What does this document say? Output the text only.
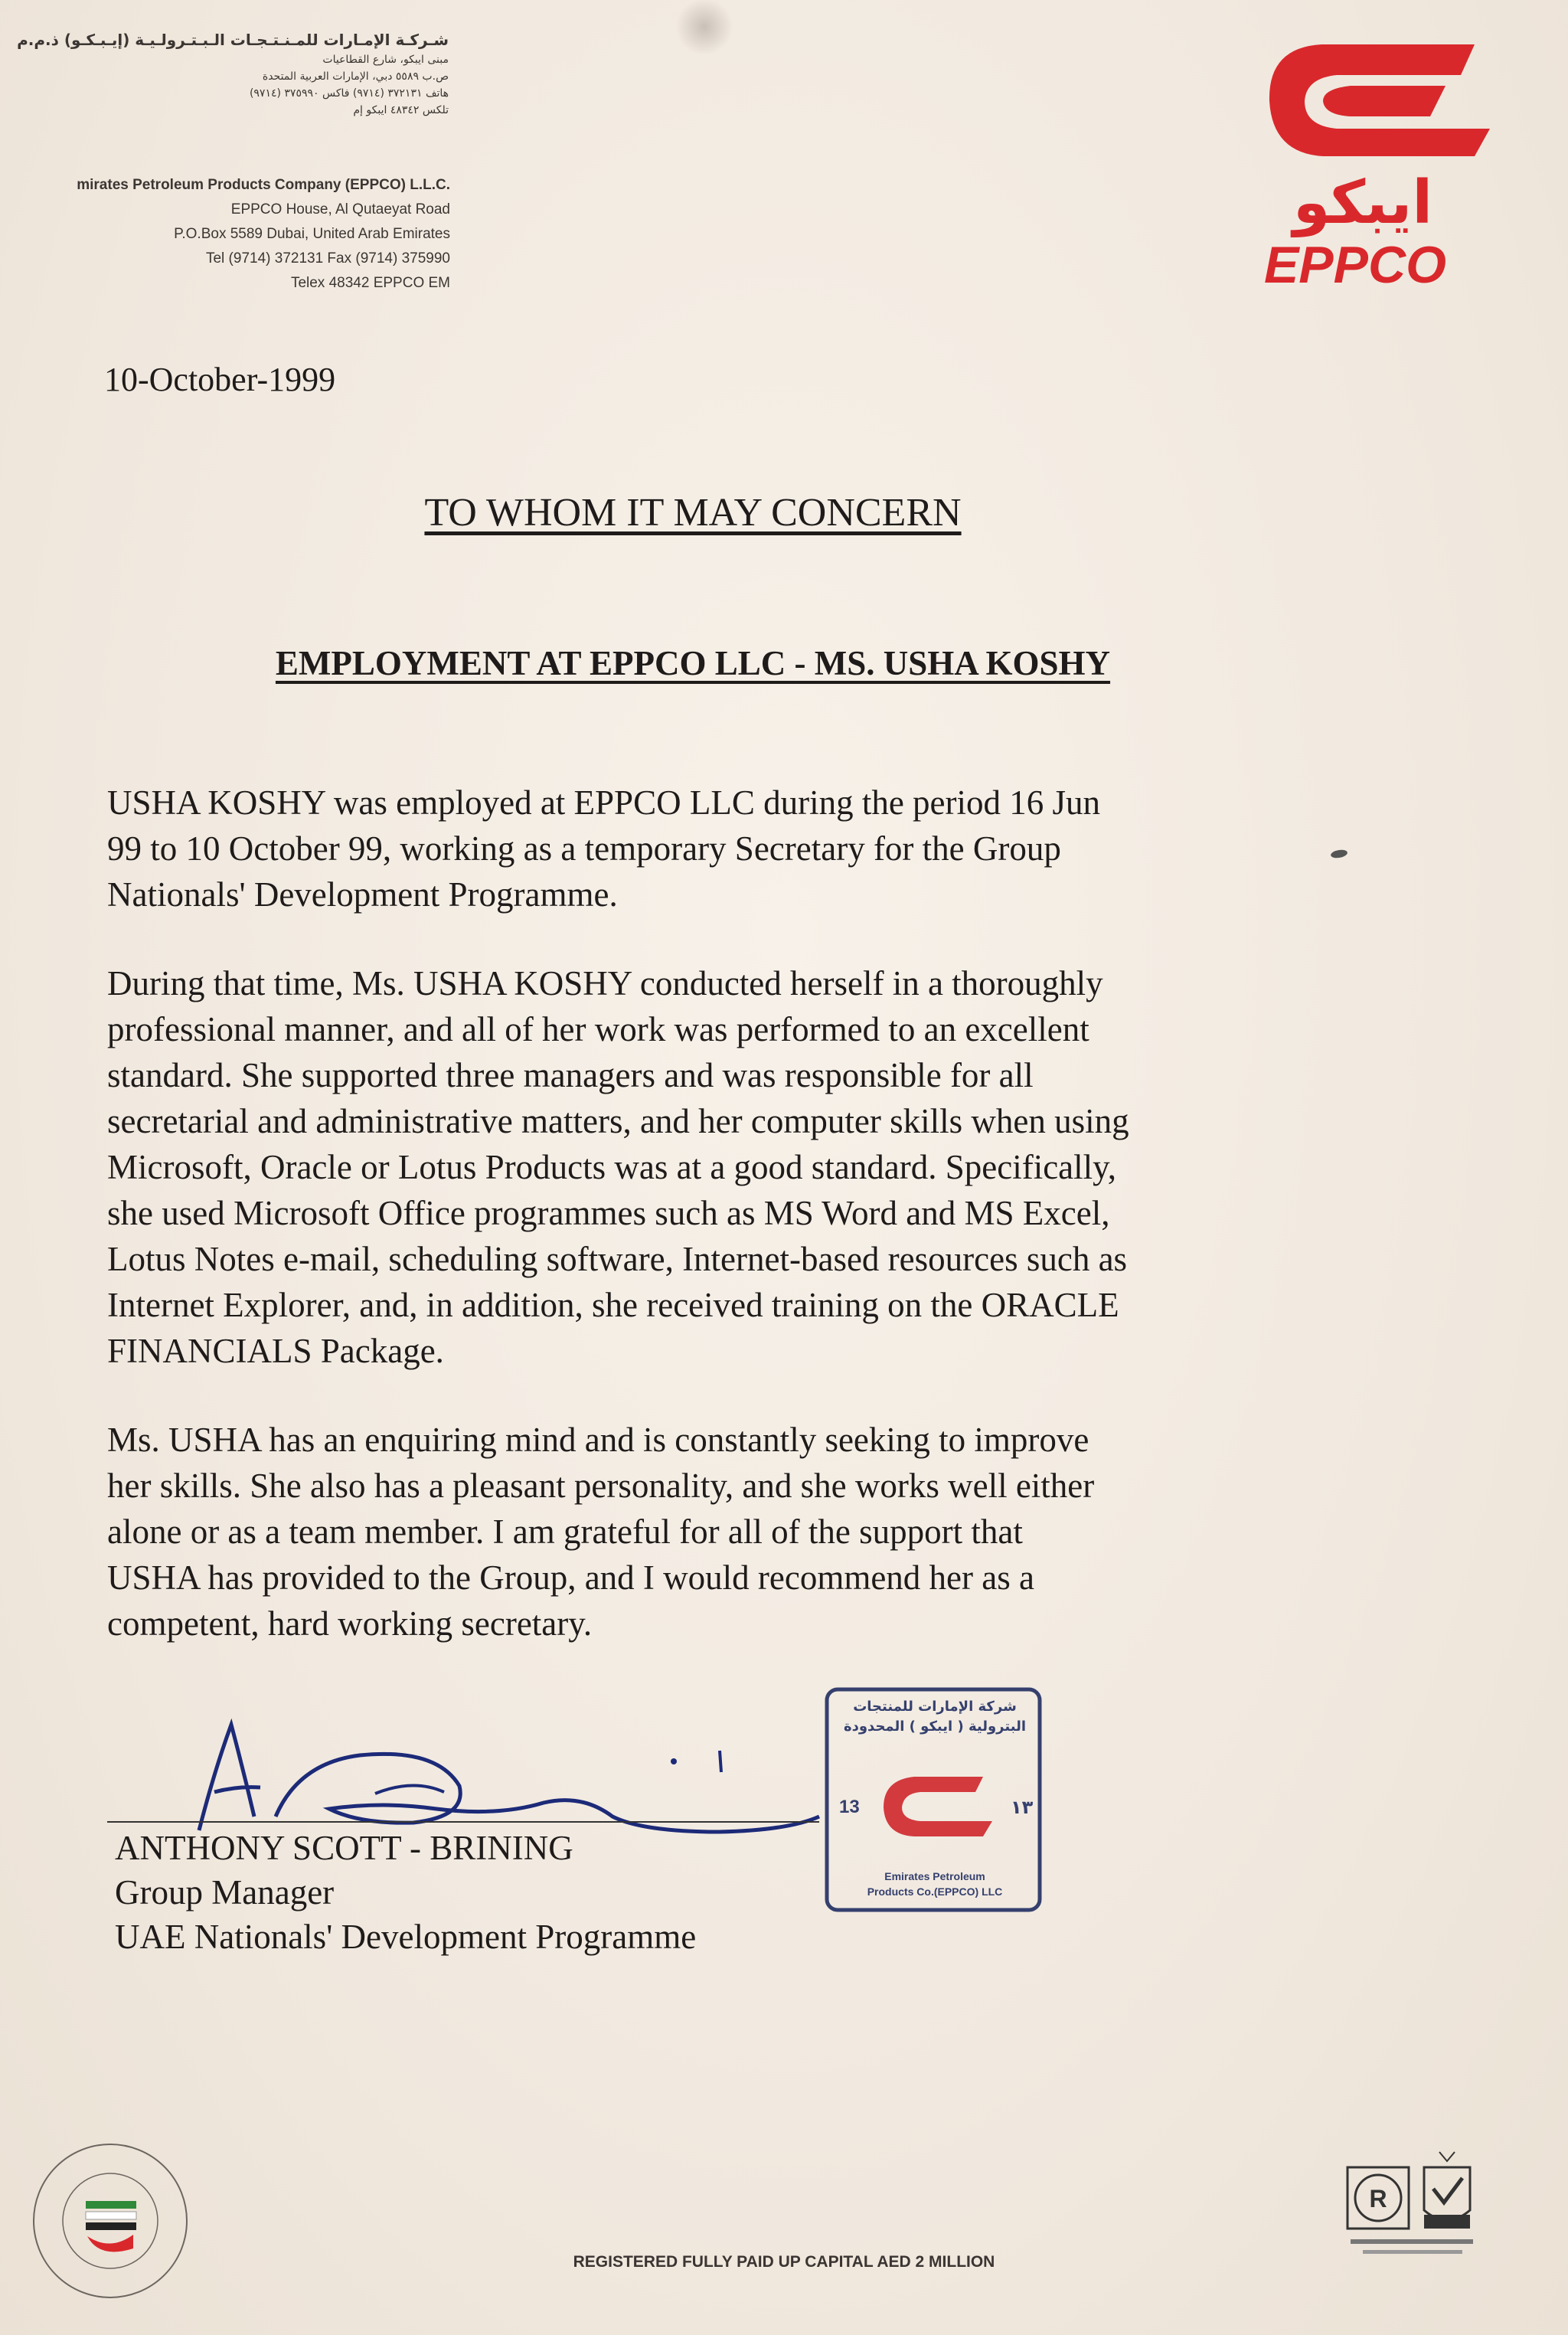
شـركـة الإمـارات للمـنـتـجـات الـبـتـرولـيـة (إيـبـكـو) ذ.م.م
مبنى ايبكو، شارع القطاعيات
ص.ب ٥٥٨٩ دبي، الإمارات العربية المتحدة
هاتف ٣٧٢١٣١ (٩٧١٤) فاكس ٣٧٥٩٩٠ (٩٧١٤)
تلكس ٤٨٣٤٢ ايبكو إم
mirates Petroleum Products Company (EPPCO) L.L.C.
EPPCO House, Al Qutaeyat Road
P.O.Box 5589 Dubai, United Arab Emirates
Tel (9714) 372131 Fax (9714) 375990
Telex 48342 EPPCO EM
ايبكو
EPPCO
10-October-1999
TO WHOM IT MAY CONCERN
EMPLOYMENT AT EPPCO LLC - MS. USHA KOSHY

USHA KOSHY was employed at EPPCO LLC during the period 16 Jun

99 to 10 October 99, working as a temporary Secretary for the Group

Nationals' Development Programme.

During that time, Ms. USHA KOSHY conducted herself in a thoroughly

professional manner, and all of her work was performed to an excellent

standard. She supported three managers and was responsible for all

secretarial and administrative matters, and her computer skills when using

Microsoft, Oracle or Lotus Products was at a good standard. Specifically,

she used Microsoft Office programmes such as MS Word and MS Excel,

Lotus Notes e-mail, scheduling software, Internet-based resources such as

Internet Explorer, and, in addition, she received training on the ORACLE

FINANCIALS Package.

Ms. USHA has an enquiring mind and is constantly seeking to improve

her skills. She also has a pleasant personality, and she works well either

alone or as a team member. I am grateful for all of the support that

USHA has provided to the Group, and I would recommend her as a

competent, hard working secretary.

ANTHONY SCOTT - BRINING
Group Manager
UAE Nationals' Development Programme
شركة الإمارات للمنتجات
البترولية ( ايبكو ) المحدودة
13	١٣
Emirates Petroleum
Products Co.(EPPCO) LLC
R
REGISTERED FULLY PAID UP CAPITAL AED 2 MILLION
